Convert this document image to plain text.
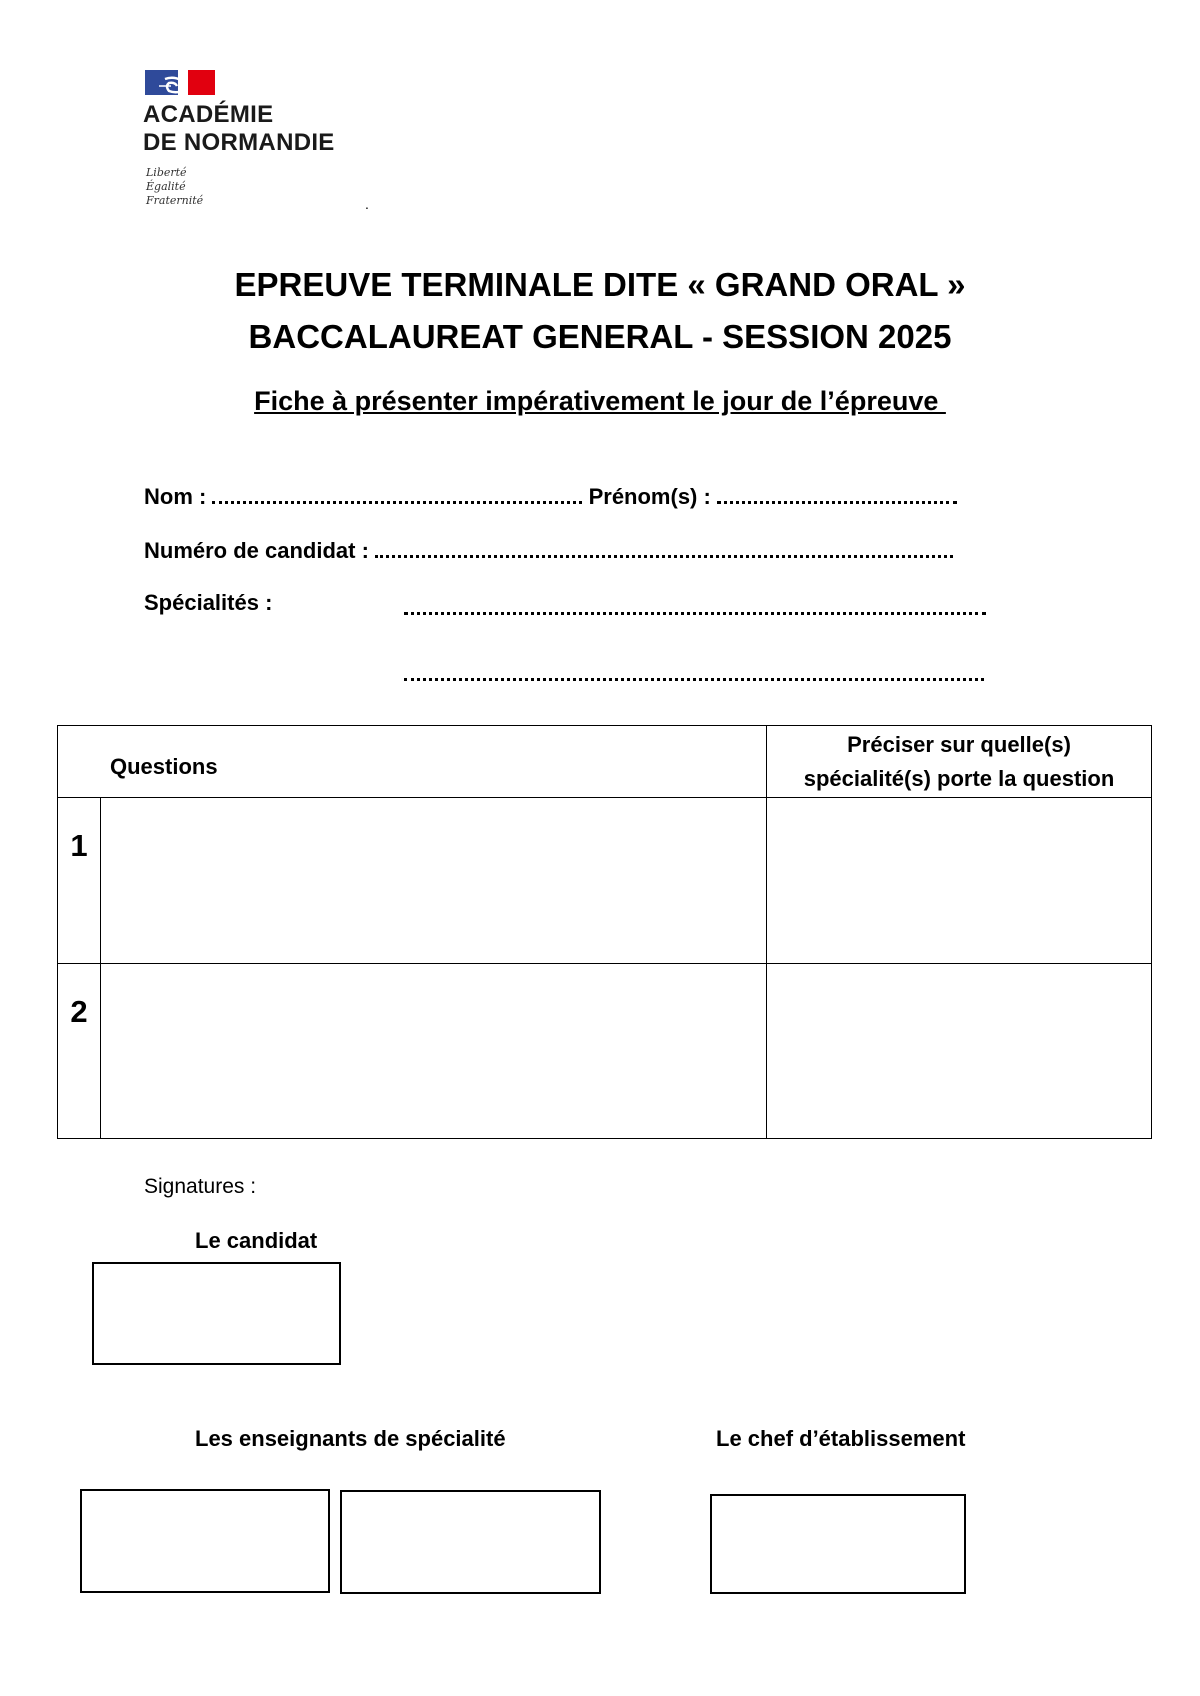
ACADÉMIE
DE NORMANDIE
Liberté
Égalité
Fraternité	.
EPREUVE TERMINALE DITE « GRAND ORAL »
BACCALAUREAT GENERAL - SESSION 2025
Fiche à présenter impérativement le jour de l’épreuve
Nom :	Prénom(s) :
Numéro de candidat :
Spécialités :
Questions		Préciser sur quelle(s)
spécialité(s) porte la question

1		

2		

Signatures :
Le candidat
Les enseignants de spécialité	Le chef d’établissement
